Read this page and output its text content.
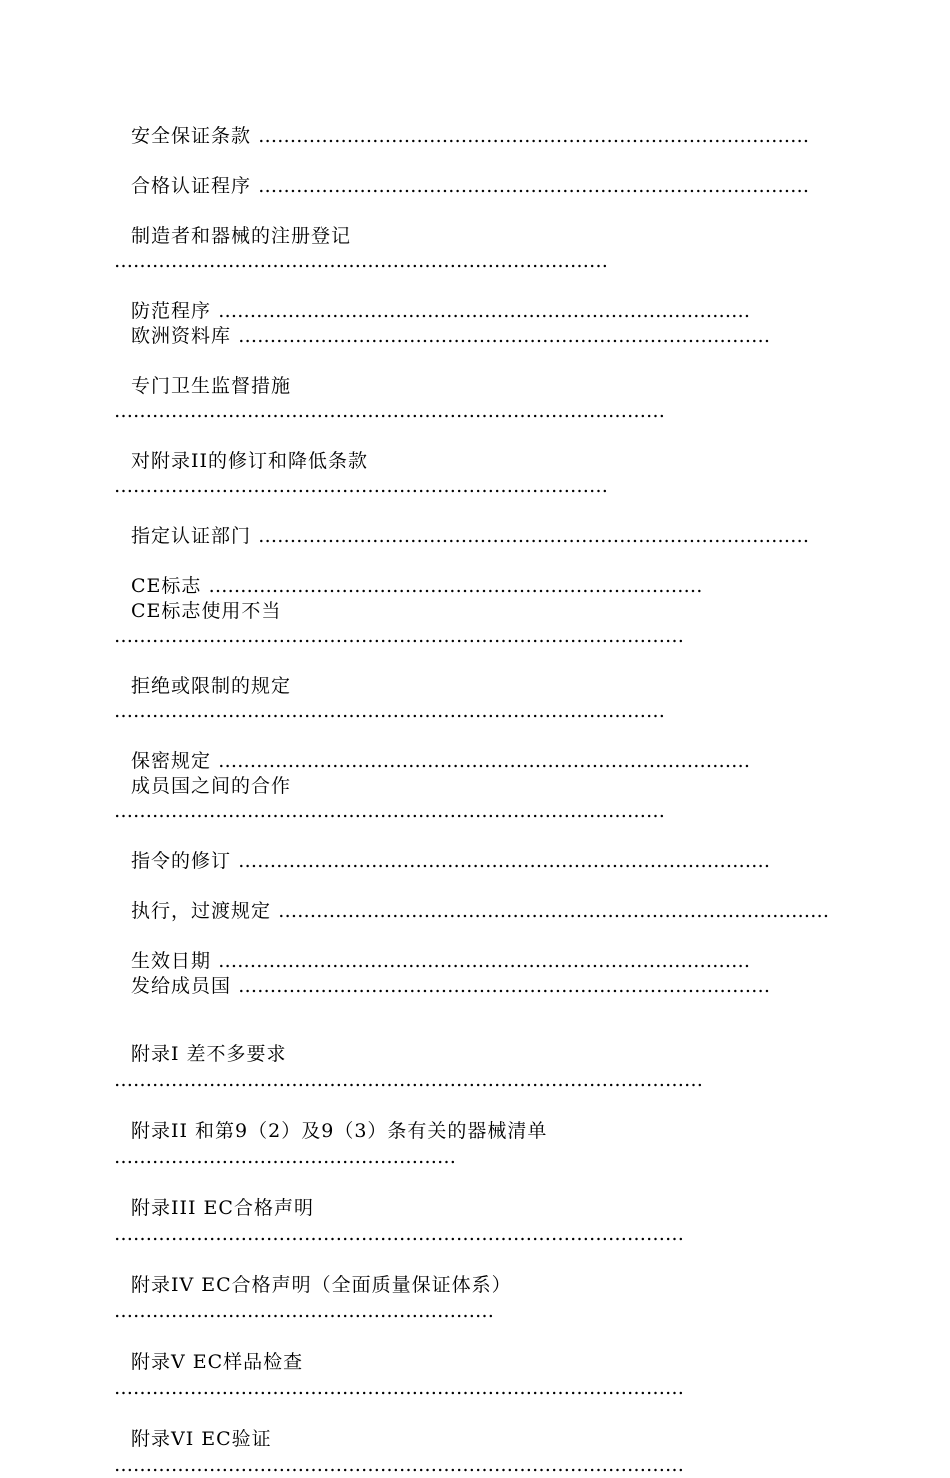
安全保证条款 ……………………………………………………………………………
合格认证程序 ……………………………………………………………………………
制造者和器械的注册登记 ……………………………………………………………………
防范程序 …………………………………………………………………………
欧洲资料库 …………………………………………………………………………
专门卫生监督措施 ……………………………………………………………………………
对附录II的修订和降低条款 ……………………………………………………………………
指定认证部门 ……………………………………………………………………………
CE标志 ……………………………………………………………………
CE标志使用不当 ………………………………………………………………………………
拒绝或限制的规定 ……………………………………………………………………………
保密规定 …………………………………………………………………………
成员国之间的合作 ……………………………………………………………………………
指令的修订 …………………………………………………………………………
执行，过渡规定 ……………………………………………………………………………
生效日期 …………………………………………………………………………
发给成员国 …………………………………………………………………………
附录I 差不多要求 …………………………………………………………………………………
附录II 和第9（2）及9（3）条有关的器械清单 ………………………………………………
附录III EC合格声明 ………………………………………………………………………………
附录IV EC合格声明（全面质量保证体系） ……………………………………………………
附录V EC样品检查 ………………………………………………………………………………
附录VI EC验证 ………………………………………………………………………………
